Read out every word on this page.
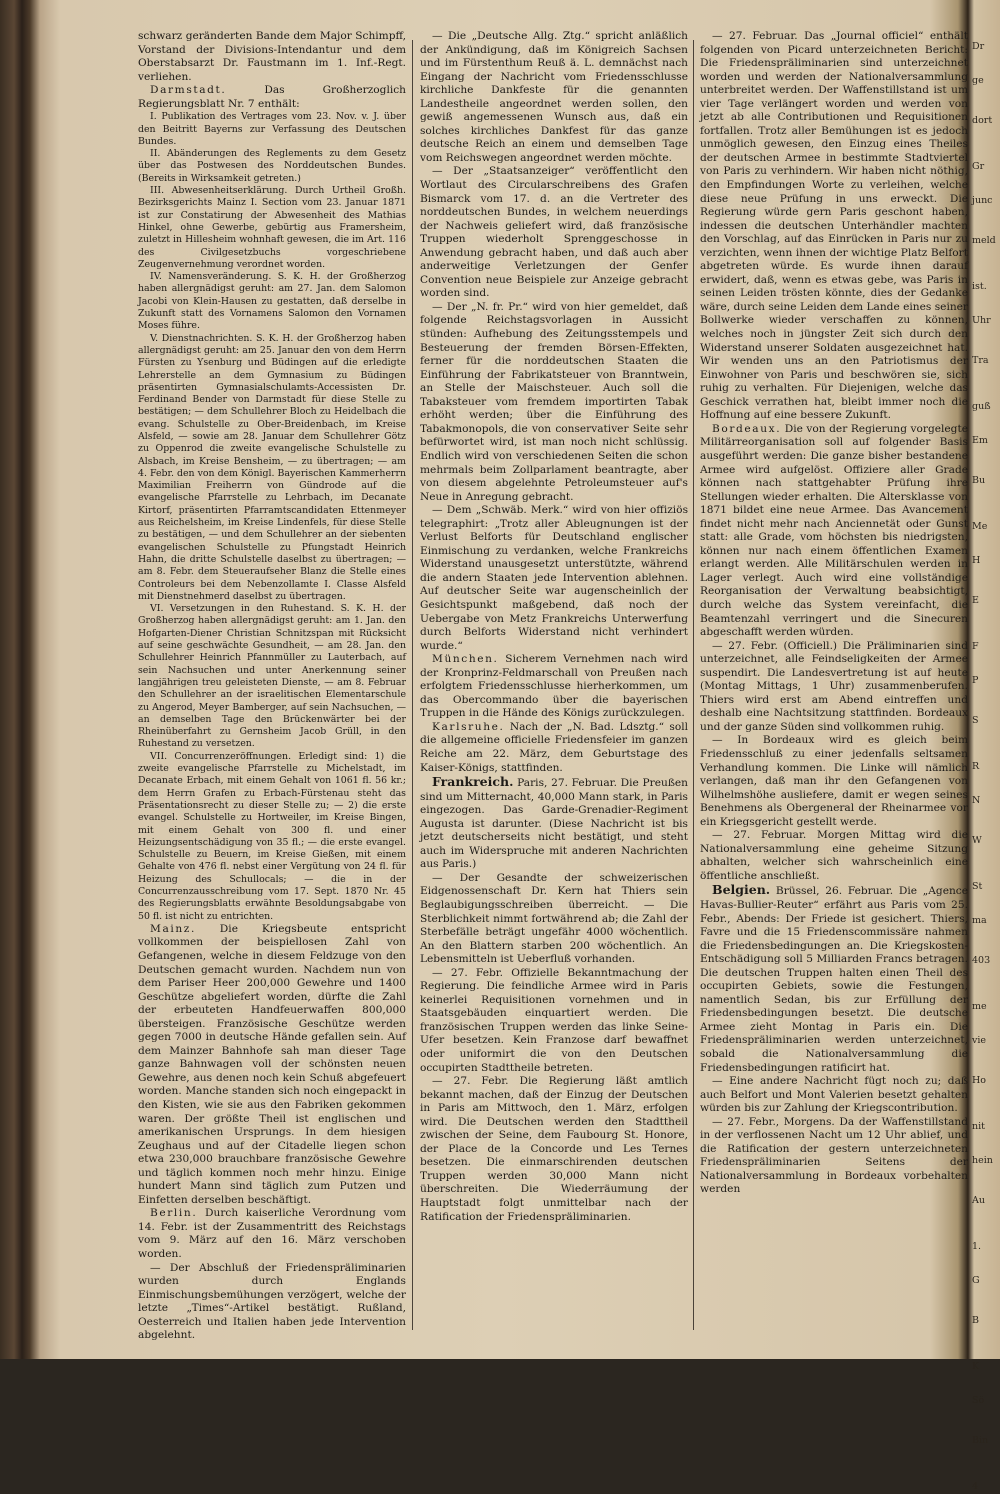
schwarz geränderten Bande dem Major Schimpff, Vorstand der Divisions-Intendantur und dem Oberstabsarzt Dr. Faustmann im 1. Inf.-Regt. verliehen.

Darmstadt. Das Großherzoglich Regierungsblatt Nr. 7 enthält:

I. Publikation des Vertrages vom 23. Nov. v. J. über den Beitritt Bayerns zur Verfassung des Deutschen Bundes.

II. Abänderungen des Reglements zu dem Gesetz über das Postwesen des Norddeutschen Bundes. (Bereits in Wirksamkeit getreten.)

III. Abwesenheitserklärung. Durch Urtheil Großh. Bezirksgerichts Mainz I. Section vom 23. Januar 1871 ist zur Constatirung der Abwesenheit des Mathias Hinkel, ohne Gewerbe, gebürtig aus Framersheim, zuletzt in Hillesheim wohnhaft gewesen, die im Art. 116 des Civilgesetzbuchs vorgeschriebene Zeugenvernehmung verordnet worden.

IV. Namensveränderung. S. K. H. der Großherzog haben allergnädigst geruht: am 27. Jan. dem Salomon Jacobi von Klein-Hausen zu gestatten, daß derselbe in Zukunft statt des Vornamens Salomon den Vornamen Moses führe.

V. Dienstnachrichten. S. K. H. der Großherzog haben allergnädigst geruht: am 25. Januar den von dem Herrn Fürsten zu Ysenburg und Büdingen auf die erledigte Lehrerstelle an dem Gymnasium zu Büdingen präsentirten Gymnasialschulamts-Accessisten Dr. Ferdinand Bender von Darmstadt für diese Stelle zu bestätigen; — dem Schullehrer Bloch zu Heidelbach die evang. Schulstelle zu Ober-Breidenbach, im Kreise Alsfeld, — sowie am 28. Januar dem Schullehrer Götz zu Oppenrod die zweite evangelische Schulstelle zu Alsbach, im Kreise Bensheim, — zu übertragen; — am 4. Febr. den von dem Königl. Bayerischen Kammerherrn Maximilian Freiherrn von Gündrode auf die evangelische Pfarrstelle zu Lehrbach, im Decanate Kirtorf, präsentirten Pfarramtscandidaten Ettenmeyer aus Reichelsheim, im Kreise Lindenfels, für diese Stelle zu bestätigen, — und dem Schullehrer an der siebenten evangelischen Schulstelle zu Pfungstadt Heinrich Hahn, die dritte Schulstelle daselbst zu übertragen; — am 8. Febr. dem Steueraufseher Blanz die Stelle eines Controleurs bei dem Nebenzollamte I. Classe Alsfeld mit Dienstnehmerd daselbst zu übertragen.

VI. Versetzungen in den Ruhestand. S. K. H. der Großherzog haben allergnädigst geruht: am 1. Jan. den Hofgarten-Diener Christian Schnitzspan mit Rücksicht auf seine geschwächte Gesundheit, — am 28. Jan. den Schullehrer Heinrich Pfannmüller zu Lauterbach, auf sein Nachsuchen und unter Anerkennung seiner langjährigen treu geleisteten Dienste, — am 8. Februar den Schullehrer an der israelitischen Elementarschule zu Angerod, Meyer Bamberger, auf sein Nachsuchen, — an demselben Tage den Brückenwärter bei der Rheinüberfahrt zu Gernsheim Jacob Grüll, in den Ruhestand zu versetzen.

VII. Concurrenzeröffnungen. Erledigt sind: 1) die zweite evangelische Pfarrstelle zu Michelstadt, im Decanate Erbach, mit einem Gehalt von 1061 fl. 56 kr.; dem Herrn Grafen zu Erbach-Fürstenau steht das Präsentationsrecht zu dieser Stelle zu; — 2) die erste evangel. Schulstelle zu Hortweiler, im Kreise Bingen, mit einem Gehalt von 300 fl. und einer Heizungsentschädigung von 35 fl.; — die erste evangel. Schulstelle zu Beuern, im Kreise Gießen, mit einem Gehalte von 476 fl. nebst einer Vergütung von 24 fl. für Heizung des Schullocals; — die in der Concurrenzausschreibung vom 17. Sept. 1870 Nr. 45 des Regierungsblatts erwähnte Besoldungsabgabe von 50 fl. ist nicht zu entrichten.

Mainz. Die Kriegsbeute entspricht vollkommen der beispiellosen Zahl von Gefangenen, welche in diesem Feldzuge von den Deutschen gemacht wurden. Nachdem nun von dem Pariser Heer 200,000 Gewehre und 1400 Geschütze abgeliefert worden, dürfte die Zahl der erbeuteten Handfeuerwaffen 800,000 übersteigen. Französische Geschütze werden gegen 7000 in deutsche Hände gefallen sein. Auf dem Mainzer Bahnhofe sah man dieser Tage ganze Bahnwagen voll der schönsten neuen Gewehre, aus denen noch kein Schuß abgefeuert worden. Manche standen sich noch eingepackt in den Kisten, wie sie aus den Fabriken gekommen waren. Der größte Theil ist englischen und amerikanischen Ursprungs. In dem hiesigen Zeughaus und auf der Citadelle liegen schon etwa 230,000 brauchbare französische Gewehre und täglich kommen noch mehr hinzu. Einige hundert Mann sind täglich zum Putzen und Einfetten derselben beschäftigt.

Berlin. Durch kaiserliche Verordnung vom 14. Febr. ist der Zusammentritt des Reichstags vom 9. März auf den 16. März verschoben worden.

— Der Abschluß der Friedenspräliminarien wurden durch Englands Einmischungsbemühungen verzögert, welche der letzte „Times“-Artikel bestätigt. Rußland, Oesterreich und Italien haben jede Intervention abgelehnt.

— Die „Deutsche Allg. Ztg.“ spricht anläßlich der Ankündigung, daß im Königreich Sachsen und im Fürstenthum Reuß ä. L. demnächst nach Eingang der Nachricht vom Friedensschlusse kirchliche Dankfeste für die genannten Landestheile angeordnet werden sollen, den gewiß angemessenen Wunsch aus, daß ein solches kirchliches Dankfest für das ganze deutsche Reich an einem und demselben Tage vom Reichswegen angeordnet werden möchte.

— Der „Staatsanzeiger“ veröffentlicht den Wortlaut des Circularschreibens des Grafen Bismarck vom 17. d. an die Vertreter des norddeutschen Bundes, in welchem neuerdings der Nachweis geliefert wird, daß französische Truppen wiederholt Sprenggeschosse in Anwendung gebracht haben, und daß auch aber anderweitige Verletzungen der Genfer Convention neue Beispiele zur Anzeige gebracht worden sind.

— Der „N. fr. Pr.“ wird von hier gemeldet, daß folgende Reichstagsvorlagen in Aussicht stünden: Aufhebung des Zeitungsstempels und Besteuerung der fremden Börsen-Effekten, ferner für die norddeutschen Staaten die Einführung der Fabrikatsteuer von Branntwein, an Stelle der Maischsteuer. Auch soll die Tabaksteuer vom fremdem importirten Tabak erhöht werden; über die Einführung des Tabakmonopols, die von conservativer Seite sehr befürwortet wird, ist man noch nicht schlüssig. Endlich wird von verschiedenen Seiten die schon mehrmals beim Zollparlament beantragte, aber von diesem abgelehnte Petroleumsteuer auf's Neue in Anregung gebracht.

— Dem „Schwäb. Merk.“ wird von hier offiziös telegraphirt: „Trotz aller Ableugnungen ist der Verlust Belforts für Deutschland englischer Einmischung zu verdanken, welche Frankreichs Widerstand unausgesetzt unterstützte, während die andern Staaten jede Intervention ablehnen. Auf deutscher Seite war augenscheinlich der Gesichtspunkt maßgebend, daß noch der Uebergabe von Metz Frankreichs Unterwerfung durch Belforts Widerstand nicht verhindert wurde.“

München. Sicherem Vernehmen nach wird der Kronprinz-Feldmarschall von Preußen nach erfolgtem Friedensschlusse hierherkommen, um das Obercommando über die bayerischen Truppen in die Hände des Königs zurückzulegen.

Karlsruhe. Nach der „N. Bad. Ldsztg.“ soll die allgemeine officielle Friedensfeier im ganzen Reiche am 22. März, dem Geburtstage des Kaiser-Königs, stattfinden.

Frankreich. Paris, 27. Februar. Die Preußen sind um Mitternacht, 40,000 Mann stark, in Paris eingezogen. Das Garde-Grenadier-Regiment Augusta ist darunter. (Diese Nachricht ist bis jetzt deutscherseits nicht bestätigt, und steht auch im Widerspruche mit anderen Nachrichten aus Paris.)

— Der Gesandte der schweizerischen Eidgenossenschaft Dr. Kern hat Thiers sein Beglaubigungsschreiben überreicht. — Die Sterblichkeit nimmt fortwährend ab; die Zahl der Sterbefälle beträgt ungefähr 4000 wöchentlich. An den Blattern starben 200 wöchentlich. An Lebensmitteln ist Ueberfluß vorhanden.

— 27. Febr. Offizielle Bekanntmachung der Regierung. Die feindliche Armee wird in Paris keinerlei Requisitionen vornehmen und in Staatsgebäuden einquartiert werden. Die französischen Truppen werden das linke Seine-Ufer besetzen. Kein Franzose darf bewaffnet oder uniformirt die von den Deutschen occupirten Stadttheile betreten.

— 27. Febr. Die Regierung läßt amtlich bekannt machen, daß der Einzug der Deutschen in Paris am Mittwoch, den 1. März, erfolgen wird. Die Deutschen werden den Stadttheil zwischen der Seine, dem Faubourg St. Honore, der Place de la Concorde und Les Ternes besetzen. Die einmarschirenden deutschen Truppen werden 30,000 Mann nicht überschreiten. Die Wiederräumung der Hauptstadt folgt unmittelbar nach der Ratification der Friedenspräliminarien.

— 27. Februar. Das „Journal officiel“ enthält folgenden von Picard unterzeichneten Bericht: Die Friedenspräliminarien sind unterzeichnet worden und werden der Nationalversammlung unterbreitet werden. Der Waffenstillstand ist um vier Tage verlängert worden und werden von jetzt ab alle Contributionen und Requisitionen fortfallen. Trotz aller Bemühungen ist es jedoch unmöglich gewesen, den Einzug eines Theiles der deutschen Armee in bestimmte Stadtviertel von Paris zu verhindern. Wir haben nicht nöthig, den Empfindungen Worte zu verleihen, welche diese neue Prüfung in uns erweckt. Die Regierung würde gern Paris geschont haben, indessen die deutschen Unterhändler machten den Vorschlag, auf das Einrücken in Paris nur zu verzichten, wenn ihnen der wichtige Platz Belfort abgetreten würde. Es wurde ihnen darauf erwidert, daß, wenn es etwas gebe, was Paris in seinen Leiden trösten könnte, dies der Gedanke wäre, durch seine Leiden dem Lande eines seiner Bollwerke wieder verschaffen zu können, welches noch in jüngster Zeit sich durch den Widerstand unserer Soldaten ausgezeichnet hat. Wir wenden uns an den Patriotismus der Einwohner von Paris und beschwören sie, sich ruhig zu verhalten. Für Diejenigen, welche das Geschick verrathen hat, bleibt immer noch die Hoffnung auf eine bessere Zukunft.

Bordeaux. Die von der Regierung vorgelegte Militärreorganisation soll auf folgender Basis ausgeführt werden: Die ganze bisher bestandene Armee wird aufgelöst. Offiziere aller Grade können nach stattgehabter Prüfung ihre Stellungen wieder erhalten. Die Altersklasse von 1871 bildet eine neue Armee. Das Avancement findet nicht mehr nach Anciennetät oder Gunst statt: alle Grade, vom höchsten bis niedrigsten, können nur nach einem öffentlichen Examen erlangt werden. Alle Militärschulen werden in Lager verlegt. Auch wird eine vollständige Reorganisation der Verwaltung beabsichtigt, durch welche das System vereinfacht, die Beamtenzahl verringert und die Sinecuren abgeschafft werden würden.

— 27. Febr. (Officiell.) Die Präliminarien sind unterzeichnet, alle Feindseligkeiten der Armee suspendirt. Die Landesvertretung ist auf heute (Montag Mittags, 1 Uhr) zusammenberufen. Thiers wird erst am Abend eintreffen und deshalb eine Nachtsitzung stattfinden. Bordeaux und der ganze Süden sind vollkommen ruhig.

— In Bordeaux wird es gleich beim Friedensschluß zu einer jedenfalls seltsamen Verhandlung kommen. Die Linke will nämlich verlangen, daß man ihr den Gefangenen von Wilhelmshöhe ausliefere, damit er wegen seines Benehmens als Obergeneral der Rheinarmee vor ein Kriegsgericht gestellt werde.

— 27. Februar. Morgen Mittag wird die Nationalversammlung eine geheime Sitzung abhalten, welcher sich wahrscheinlich eine öffentliche anschließt.

Belgien. Brüssel, 26. Februar. Die „Agence Havas-Bullier-Reuter“ erfährt aus Paris vom 25. Febr., Abends: Der Friede ist gesichert. Thiers, Favre und die 15 Friedenscommissäre nahmen die Friedensbedingungen an. Die Kriegskosten-Entschädigung soll 5 Milliarden Francs betragen. Die deutschen Truppen halten einen Theil des occupirten Gebiets, sowie die Festungen, namentlich Sedan, bis zur Erfüllung der Friedensbedingungen besetzt. Die deutsche Armee zieht Montag in Paris ein. Die Friedenspräliminarien werden unterzeichnet, sobald die Nationalversammlung die Friedensbedingungen ratificirt hat.

— Eine andere Nachricht fügt noch zu; daß auch Belfort und Mont Valerien besetzt gehalten würden bis zur Zahlung der Kriegscontribution.

— 27. Febr., Morgens. Da der Waffenstillstand in der verflossenen Nacht um 12 Uhr ablief, und die Ratification der gestern unterzeichneten Friedenspräliminarien Seitens der Nationalversammlung in Bordeaux vorbehalten werden

Dr
ge
dort
Gr
junc
meld
ist.
Uhr
Tra
guß
Em
Bu
Me
H
E
F
P
S
R
N
W
St
ma
403
me
vie
Ho
nit
hein
Au
1.
G
B
K
Sö
Bin
4
